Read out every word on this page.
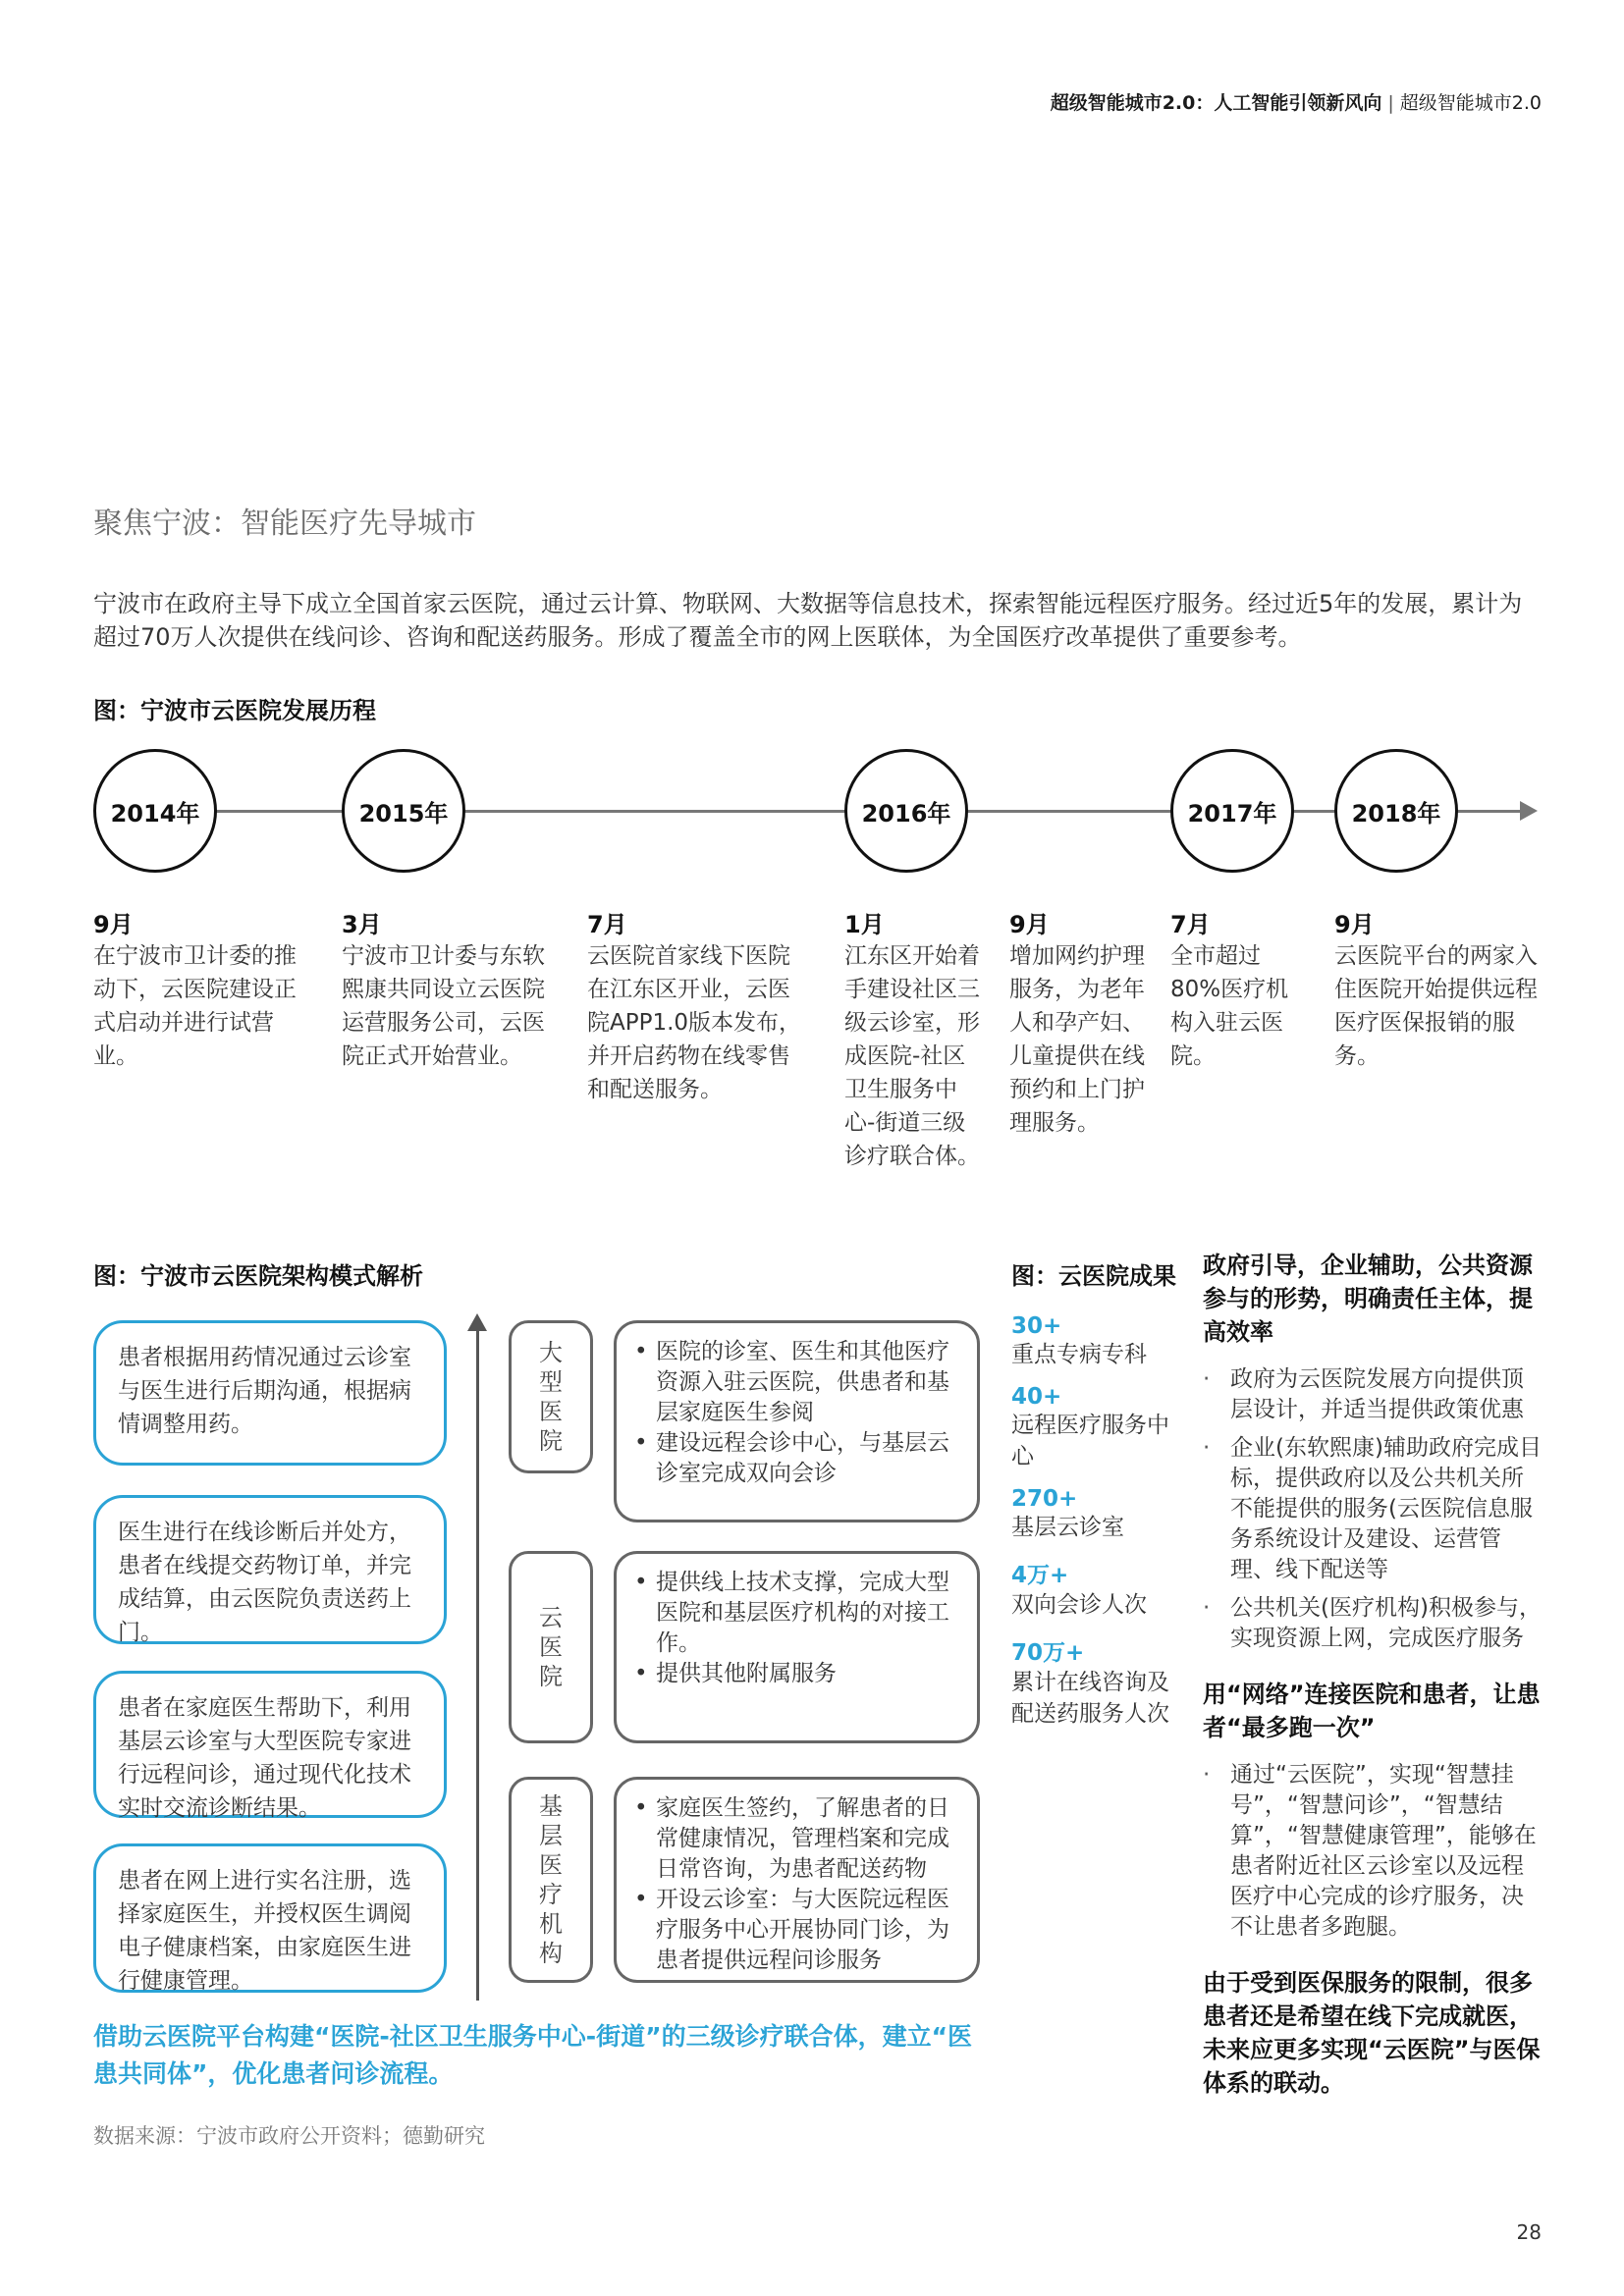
超级智能城市2.0：人工智能引领新风向 | 超级智能城市2.0
聚焦宁波：智能医疗先导城市
宁波市在政府主导下成立全国首家云医院，通过云计算、物联网、大数据等信息技术，探索智能远程医疗服务。经过近5年的发展，累计为超过70万人次提供在线问诊、咨询和配送药服务。形成了覆盖全市的网上医联体，为全国医疗改革提供了重要参考。
图：宁波市云医院发展历程
2014年	2015年	2016年	2017年	2018年
9月
在宁波市卫计委的推动下，云医院建设正式启动并进行试营业。
3月
宁波市卫计委与东软熙康共同设立云医院运营服务公司，云医院正式开始营业。
7月
云医院首家线下医院在江东区开业，云医院APP1.0版本发布，并开启药物在线零售和配送服务。
1月
江东区开始着手建设社区三级云诊室，形成医院-社区卫生服务中心-街道三级诊疗联合体。
9月
增加网约护理服务，为老年人和孕产妇、儿童提供在线预约和上门护理服务。
7月
全市超过80%医疗机构入驻云医院。
9月
云医院平台的两家入住医院开始提供远程医疗医保报销的服务。
图：宁波市云医院架构模式解析
患者根据用药情况通过云诊室与医生进行后期沟通，根据病情调整用药。
医生进行在线诊断后并处方，患者在线提交药物订单，并完成结算，由云医院负责送药上门。
患者在家庭医生帮助下，利用基层云诊室与大型医院专家进行远程问诊，通过现代化技术实时交流诊断结果。
患者在网上进行实名注册，选择家庭医生，并授权医生调阅电子健康档案，由家庭医生进行健康管理。
大型医院
云医院
基层医疗机构
• 医院的诊室、医生和其他医疗资源入驻云医院，供患者和基层家庭医生参阅
• 建设远程会诊中心，与基层云诊室完成双向会诊
• 提供线上技术支撑，完成大型医院和基层医疗机构的对接工作。
• 提供其他附属服务
• 家庭医生签约，了解患者的日常健康情况，管理档案和完成日常咨询，为患者配送药物
• 开设云诊室：与大医院远程医疗服务中心开展协同门诊，为患者提供远程问诊服务
借助云医院平台构建“医院-社区卫生服务中心-街道”的三级诊疗联合体，建立“医患共同体”，优化患者问诊流程。
数据来源：宁波市政府公开资料；德勤研究
图：云医院成果
30+
重点专病专科
40+
远程医疗服务中心
270+
基层云诊室
4万+
双向会诊人次
70万+
累计在线咨询及配送药服务人次
政府引导，企业辅助，公共资源参与的形势，明确责任主体，提高效率
· 政府为云医院发展方向提供顶层设计，并适当提供政策优惠
· 企业(东软熙康)辅助政府完成目标，提供政府以及公共机关所不能提供的服务(云医院信息服务系统设计及建设、运营管理、线下配送等
· 公共机关(医疗机构)积极参与，实现资源上网，完成医疗服务
用“网络”连接医院和患者，让患者“最多跑一次”
· 通过“云医院”，实现“智慧挂号”，“智慧问诊”，“智慧结算”，“智慧健康管理”，能够在患者附近社区云诊室以及远程医疗中心完成的诊疗服务，决不让患者多跑腿。
由于受到医保服务的限制，很多患者还是希望在线下完成就医，未来应更多实现“云医院”与医保体系的联动。
28
